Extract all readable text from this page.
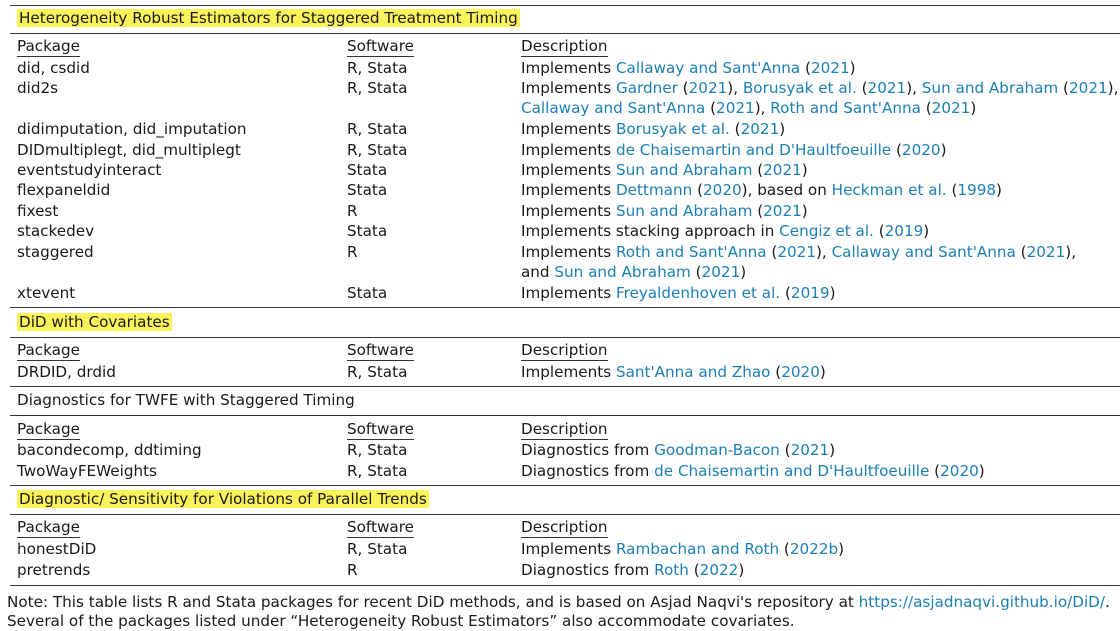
Heterogeneity Robust Estimators for Staggered Treatment Timing
Package	Software	Description
did, csdid	R, Stata	Implements Callaway and Sant'Anna (2021)
did2s	R, Stata	Implements Gardner (2021), Borusyak et al. (2021), Sun and Abraham (2021),
Callaway and Sant'Anna (2021), Roth and Sant'Anna (2021)
didimputation, did_imputation	R, Stata	Implements Borusyak et al. (2021)
DIDmultiplegt, did_multiplegt	R, Stata	Implements de Chaisemartin and D'Haultfoeuille (2020)
eventstudyinteract	Stata	Implements Sun and Abraham (2021)
flexpaneldid	Stata	Implements Dettmann (2020), based on Heckman et al. (1998)
fixest	R	Implements Sun and Abraham (2021)
stackedev	Stata	Implements stacking approach in Cengiz et al. (2019)
staggered	R	Implements Roth and Sant'Anna (2021), Callaway and Sant'Anna (2021),
and Sun and Abraham (2021)
xtevent	Stata	Implements Freyaldenhoven et al. (2019)
DiD with Covariates
Package	Software	Description
DRDID, drdid	R, Stata	Implements Sant'Anna and Zhao (2020)
Diagnostics for TWFE with Staggered Timing
Package	Software	Description
bacondecomp, ddtiming	R, Stata	Diagnostics from Goodman-Bacon (2021)
TwoWayFEWeights	R, Stata	Diagnostics from de Chaisemartin and D'Haultfoeuille (2020)
Diagnostic/ Sensitivity for Violations of Parallel Trends
Package	Software	Description
honestDiD	R, Stata	Implements Rambachan and Roth (2022b)
pretrends	R	Diagnostics from Roth (2022)
Note: This table lists R and Stata packages for recent DiD methods, and is based on Asjad Naqvi's repository at https://asjadnaqvi.github.io/DiD/.
Several of the packages listed under “Heterogeneity Robust Estimators” also accommodate covariates.
